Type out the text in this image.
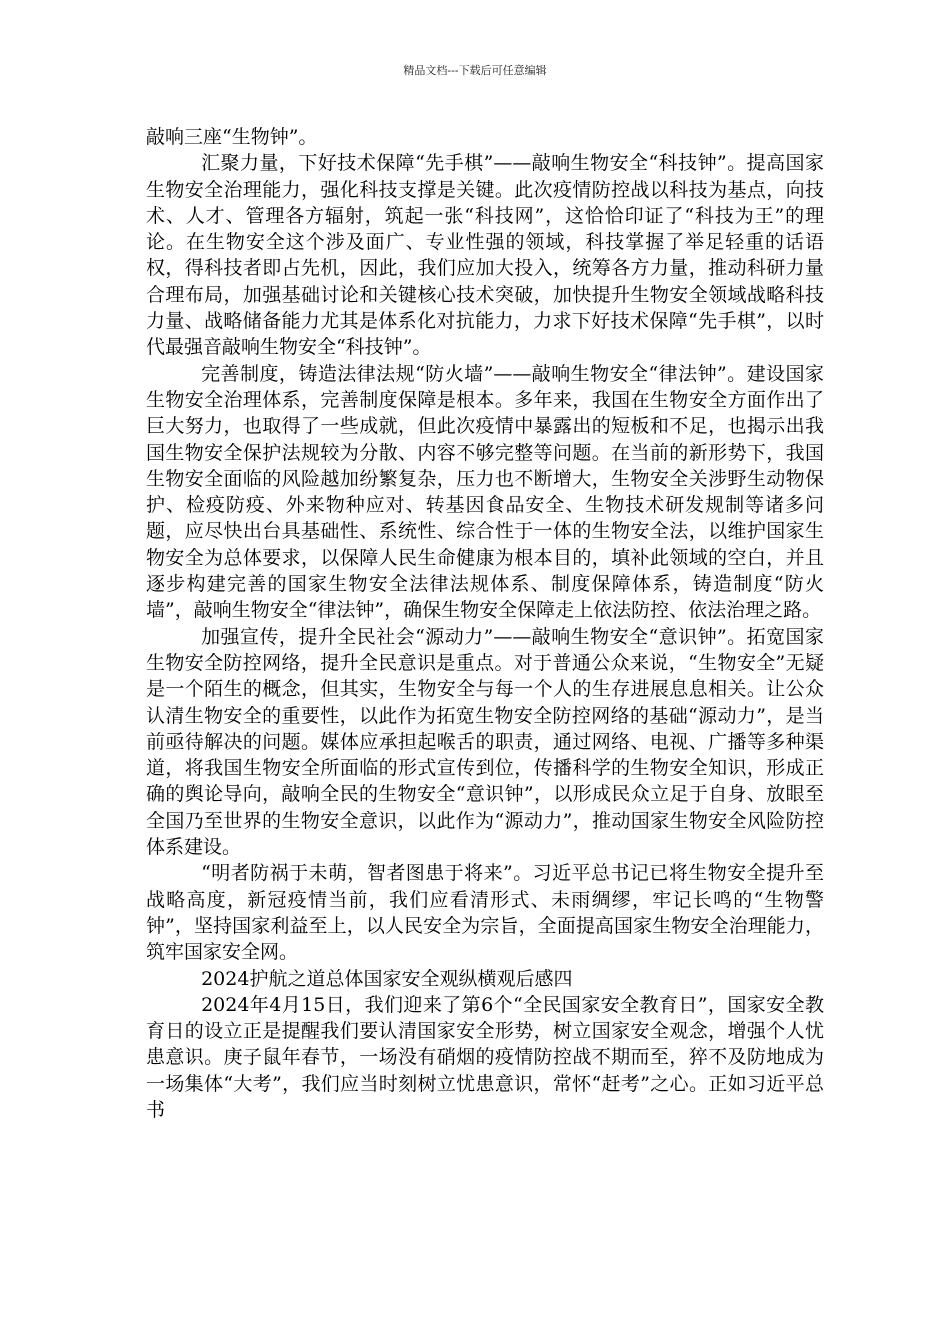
精品文档---下载后可任意编辑

敲响三座“生物钟”。

汇聚力量，下好技术保障“先手棋”——敲响生物安全“科技钟”。提高国家生物安全治理能力，强化科技支撑是关键。此次疫情防控战以科技为基点，向技术、人才、管理各方辐射，筑起一张“科技网”，这恰恰印证了“科技为王”的理论。在生物安全这个涉及面广、专业性强的领域，科技掌握了举足轻重的话语权，得科技者即占先机，因此，我们应加大投入，统筹各方力量，推动科研力量合理布局，加强基础讨论和关键核心技术突破，加快提升生物安全领域战略科技力量、战略储备能力尤其是体系化对抗能力，力求下好技术保障“先手棋”，以时代最强音敲响生物安全“科技钟”。

完善制度，铸造法律法规“防火墙”——敲响生物安全“律法钟”。建设国家生物安全治理体系，完善制度保障是根本。多年来，我国在生物安全方面作出了巨大努力，也取得了一些成就，但此次疫情中暴露出的短板和不足，也揭示出我国生物安全保护法规较为分散、内容不够完整等问题。在当前的新形势下，我国生物安全面临的风险越加纷繁复杂，压力也不断增大，生物安全关涉野生动物保护、检疫防疫、外来物种应对、转基因食品安全、生物技术研发规制等诸多问题，应尽快出台具基础性、系统性、综合性于一体的生物安全法，以维护国家生物安全为总体要求，以保障人民生命健康为根本目的，填补此领域的空白，并且逐步构建完善的国家生物安全法律法规体系、制度保障体系，铸造制度“防火墙”，敲响生物安全“律法钟”，确保生物安全保障走上依法防控、依法治理之路。

加强宣传，提升全民社会“源动力”——敲响生物安全“意识钟”。拓宽国家生物安全防控网络，提升全民意识是重点。对于普通公众来说，“生物安全”无疑是一个陌生的概念，但其实，生物安全与每一个人的生存进展息息相关。让公众认清生物安全的重要性，以此作为拓宽生物安全防控网络的基础“源动力”，是当前亟待解决的问题。媒体应承担起喉舌的职责，通过网络、电视、广播等多种渠道，将我国生物安全所面临的形式宣传到位，传播科学的生物安全知识，形成正确的舆论导向，敲响全民的生物安全“意识钟”，以形成民众立足于自身、放眼至全国乃至世界的生物安全意识，以此作为“源动力”，推动国家生物安全风险防控体系建设。

“明者防祸于未萌，智者图患于将来”。习近平总书记已将生物安全提升至战略高度，新冠疫情当前，我们应看清形式、未雨绸缪，牢记长鸣的“生物警钟”，坚持国家利益至上，以人民安全为宗旨，全面提高国家生物安全治理能力，筑牢国家安全网。

2024护航之道总体国家安全观纵横观后感四

2024年4月15日，我们迎来了第6个“全民国家安全教育日”，国家安全教育日的设立正是提醒我们要认清国家安全形势，树立国家安全观念，增强个人忧患意识。庚子鼠年春节，一场没有硝烟的疫情防控战不期而至，猝不及防地成为一场集体“大考”，我们应当时刻树立忧患意识，常怀“赶考”之心。正如习近平总书
